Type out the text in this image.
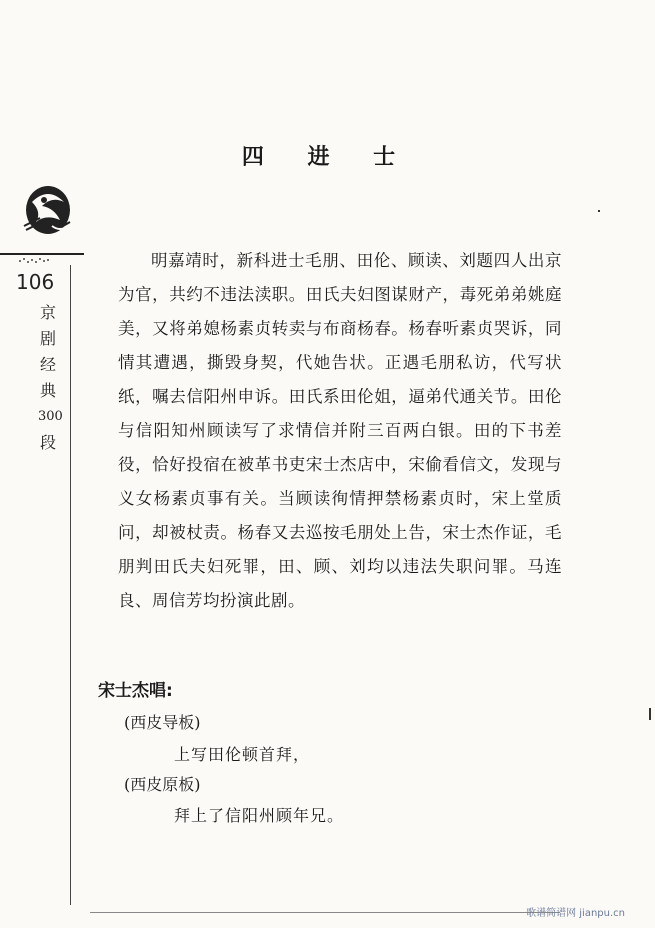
四 进 士
106
京
剧
经
典
300
段

明嘉靖时，新科进士毛朋、田伦、顾读、刘题四人出京为官，共约不违法渎职。田氏夫妇图谋财产，毒死弟弟姚庭美，又将弟媳杨素贞转卖与布商杨春。杨春听素贞哭诉，同情其遭遇，撕毁身契，代她告状。正遇毛朋私访，代写状纸，嘱去信阳州申诉。田氏系田伦姐，逼弟代通关节。田伦与信阳知州顾读写了求情信并附三百两白银。田的下书差役，恰好投宿在被革书吏宋士杰店中，宋偷看信文，发现与义女杨素贞事有关。当顾读徇情押禁杨素贞时，宋上堂质问，却被杖责。杨春又去巡按毛朋处上告，宋士杰作证，毛朋判田氏夫妇死罪，田、顾、刘均以违法失职问罪。马连良、周信芳均扮演此剧。

宋士杰唱:
(西皮导板)
上写田伦顿首拜，
(西皮原板)
拜上了信阳州顾年兄。
歌谱简谱网 jianpu.cn
